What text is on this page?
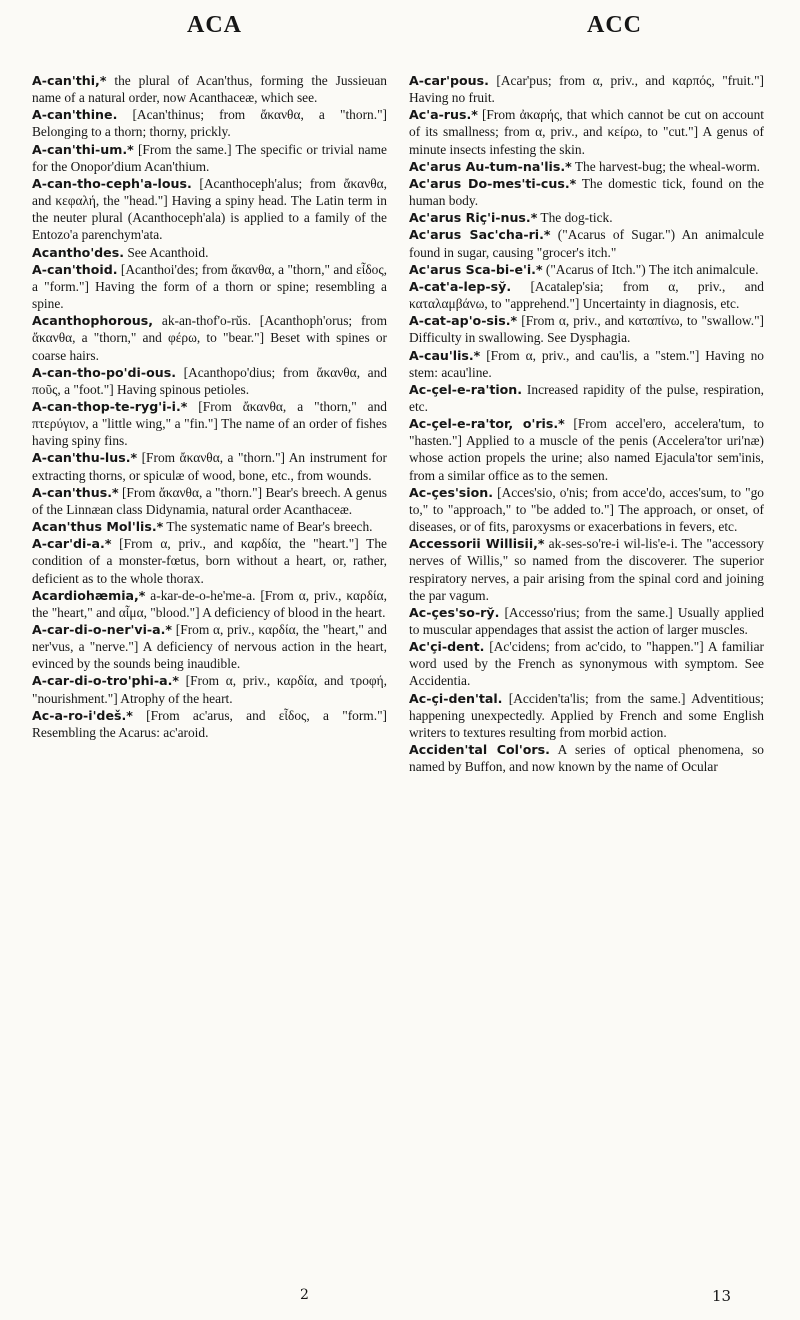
ACA	ACC

A-can'thi,* the plural of Acan'thus, forming the Jussieuan name of a natural order, now Acanthaceæ, which see.

A-can'thine. [Acan'thinus; from ἄκανθα, a "thorn."] Belonging to a thorn; thorny, prickly.

A-can'thi-um.* [From the same.] The specific or trivial name for the Onopor'dium Acan'thium.

A-can-tho-ceph'a-lous. [Acanthoceph'alus; from ἄκανθα, and κεφαλή, the "head."] Having a spiny head. The Latin term in the neuter plural (Acanthoceph'ala) is applied to a family of the Entozo'a parenchym'ata.

Acantho'des. See Acanthoid.

A-can'thoid. [Acanthoi'des; from ἄκανθα, a "thorn," and εἶδος, a "form."] Having the form of a thorn or spine; resembling a spine.

Acanthophorous, ak-an-thof'o-rŭs. [Acanthoph'orus; from ἄκανθα, a "thorn," and φέρω, to "bear."] Beset with spines or coarse hairs.

A-can-tho-po'di-ous. [Acanthopo'dius; from ἄκανθα, and ποῦς, a "foot."] Having spinous petioles.

A-can-thop-te-ryg'i-i.* [From ἄκανθα, a "thorn," and πτερύγιον, a "little wing," a "fin."] The name of an order of fishes having spiny fins.

A-can'thu-lus.* [From ἄκανθα, a "thorn."] An instrument for extracting thorns, or spiculæ of wood, bone, etc., from wounds.

A-can'thus.* [From ἄκανθα, a "thorn."] Bear's breech. A genus of the Linnæan class Didynamia, natural order Acanthaceæ.

Acan'thus Mol'lis.* The systematic name of Bear's breech.

A-car'di-a.* [From α, priv., and καρδία, the "heart."] The condition of a monster-fœtus, born without a heart, or, rather, deficient as to the whole thorax.

Acardiohæmia,* a-kar-de-o-he'me-a. [From α, priv., καρδία, the "heart," and αἷμα, "blood."] A deficiency of blood in the heart.

A-car-di-o-ner'vi-a.* [From α, priv., καρδία, the "heart," and ner'vus, a "nerve."] A deficiency of nervous action in the heart, evinced by the sounds being inaudible.

A-car-di-o-tro'phi-a.* [From α, priv., καρδία, and τροφή, "nourishment."] Atrophy of the heart.

Ac-a-ro-i'deš.* [From ac'arus, and εἶδος, a "form."] Resembling the Acarus: ac'aroid.

A-car'pous. [Acar'pus; from α, priv., and καρπός, "fruit."] Having no fruit.

Ac'a-rus.* [From ἀκαρής, that which cannot be cut on account of its smallness; from α, priv., and κείρω, to "cut."] A genus of minute insects infesting the skin.

Ac'arus Au-tum-na'lis.* The harvest-bug; the wheal-worm.

Ac'arus Do-mes'ti-cus.* The domestic tick, found on the human body.

Ac'arus Riç'i-nus.* The dog-tick.

Ac'arus Sac'cha-ri.* ("Acarus of Sugar.") An animalcule found in sugar, causing "grocer's itch."

Ac'arus Sca-bi-e'i.* ("Acarus of Itch.") The itch animalcule.

A-cat'a-lep-sy̆. [Acatalep'sia; from α, priv., and καταλαμβάνω, to "apprehend."] Uncertainty in diagnosis, etc.

A-cat-ap'o-sis.* [From α, priv., and καταπίνω, to "swallow."] Difficulty in swallowing. See Dysphagia.

A-cau'lis.* [From α, priv., and cau'lis, a "stem."] Having no stem: acau'line.

Ac-çel-e-ra'tion. Increased rapidity of the pulse, respiration, etc.

Ac-çel-e-ra'tor, o'ris.* [From accel'ero, accelera'tum, to "hasten."] Applied to a muscle of the penis (Accelera'tor uri'næ) whose action propels the urine; also named Ejacula'tor sem'inis, from a similar office as to the semen.

Ac-çes'sion. [Acces'sio, o'nis; from acce'do, acces'sum, to "go to," to "approach," to "be added to."] The approach, or onset, of diseases, or of fits, paroxysms or exacerbations in fevers, etc.

Accessorii Willisii,* ak-ses-so're-i wil-lis'e-i. The "accessory nerves of Willis," so named from the discoverer. The superior respiratory nerves, a pair arising from the spinal cord and joining the par vagum.

Ac-çes'so-ry̆. [Accesso'rius; from the same.] Usually applied to muscular appendages that assist the action of larger muscles.

Ac'çi-dent. [Ac'cidens; from ac'cido, to "happen."] A familiar word used by the French as synonymous with symptom. See Accidentia.

Ac-çi-den'tal. [Acciden'ta'lis; from the same.] Adventitious; happening unexpectedly. Applied by French and some English writers to textures resulting from morbid action.

Acciden'tal Col'ors. A series of optical phenomena, so named by Buffon, and now known by the name of Ocular

2	13
